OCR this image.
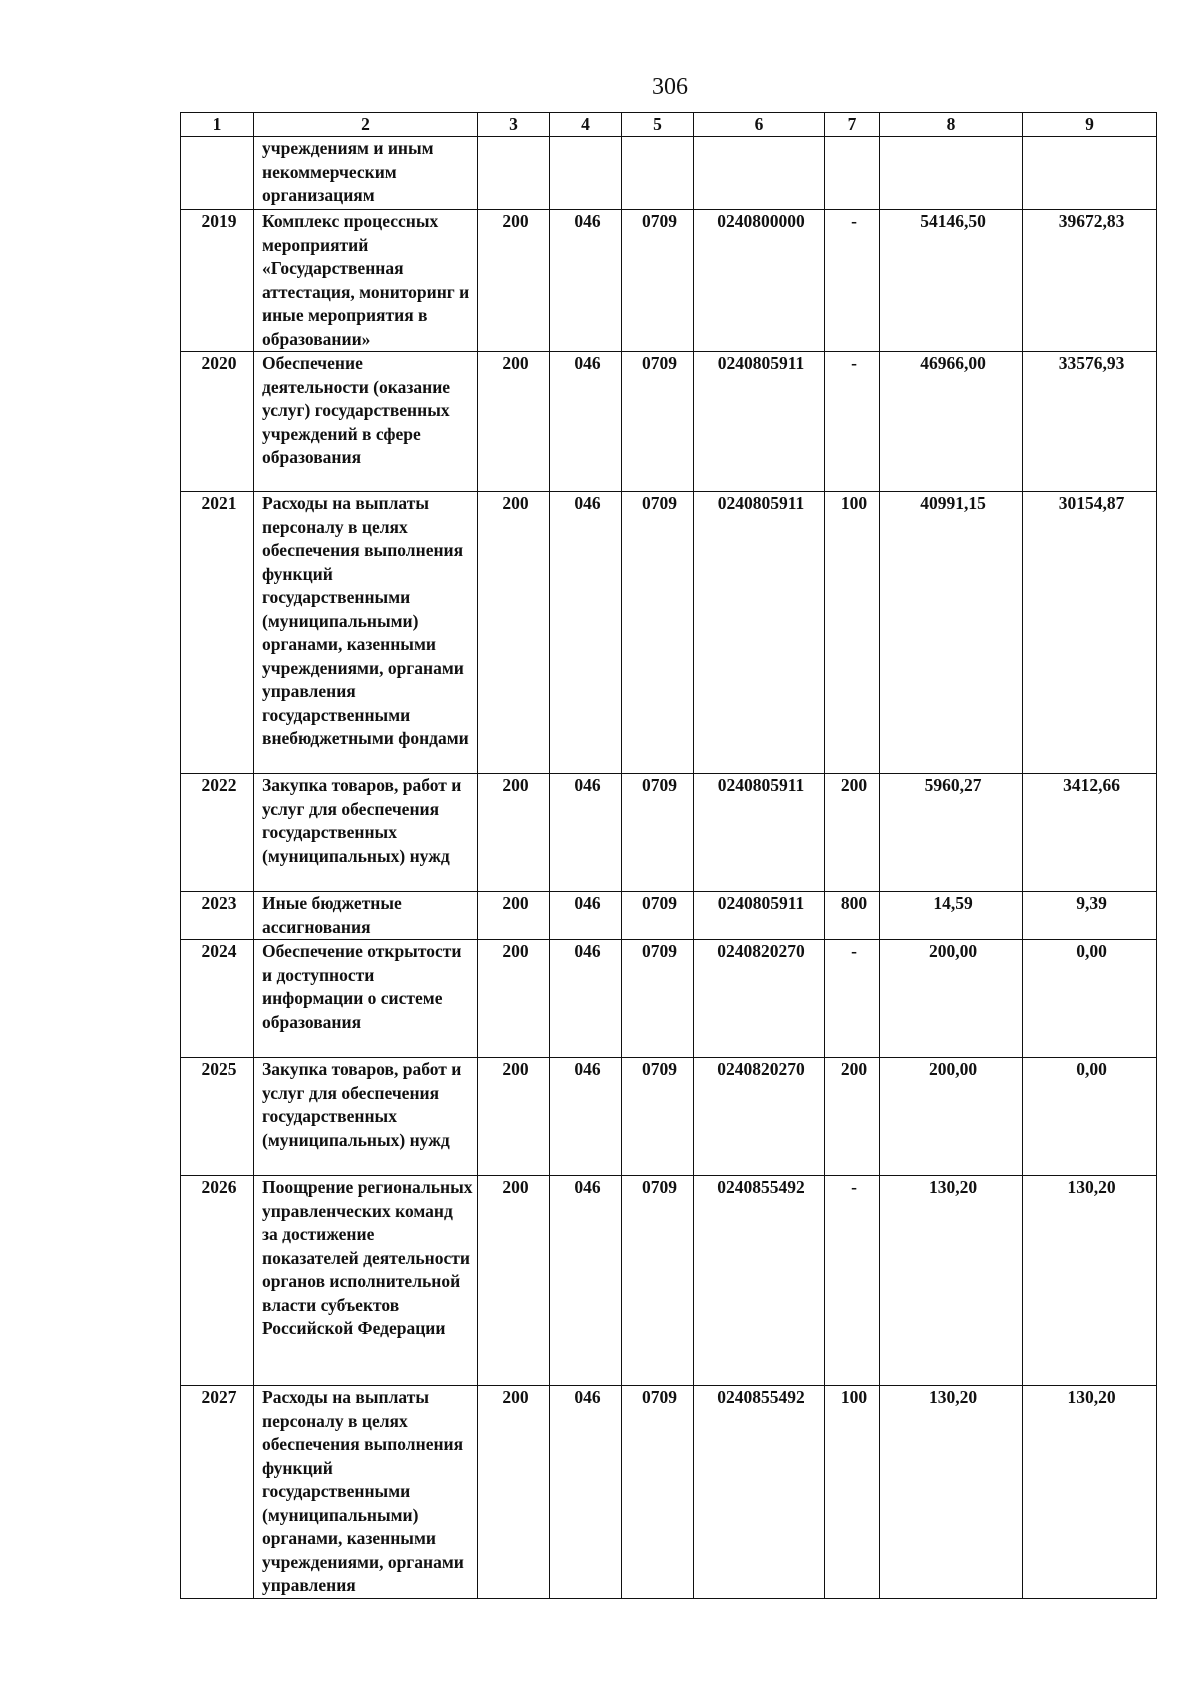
306
1	2	3	4	5	6	7	8	9
	учреждениям и иным некоммерческим организациям							
2019	Комплекс процессных мероприятий «Государственная аттестация, мониторинг и иные мероприятия в образовании»	200	046	0709	0240800000	-	54146,50	39672,83
2020	Обеспечение деятельности (оказание услуг) государственных учреждений в сфере образования	200	046	0709	0240805911	-	46966,00	33576,93
2021	Расходы на выплаты персоналу в целях обеспечения выполнения функций государственными (муниципальными) органами, казенными учреждениями, органами управления государственными внебюджетными фондами	200	046	0709	0240805911	100	40991,15	30154,87
2022	Закупка товаров, работ и услуг для обеспечения государственных (муниципальных) нужд	200	046	0709	0240805911	200	5960,27	3412,66
2023	Иные бюджетные ассигнования	200	046	0709	0240805911	800	14,59	9,39
2024	Обеспечение открытости и доступности информации о системе образования	200	046	0709	0240820270	-	200,00	0,00
2025	Закупка товаров, работ и услуг для обеспечения государственных (муниципальных) нужд	200	046	0709	0240820270	200	200,00	0,00
2026	Поощрение региональных управленческих команд за достижение показателей деятельности органов исполнительной власти субъектов Российской Федерации	200	046	0709	0240855492	-	130,20	130,20
2027	Расходы на выплаты персоналу в целях обеспечения выполнения функций государственными (муниципальными) органами, казенными учреждениями, органами управления	200	046	0709	0240855492	100	130,20	130,20
